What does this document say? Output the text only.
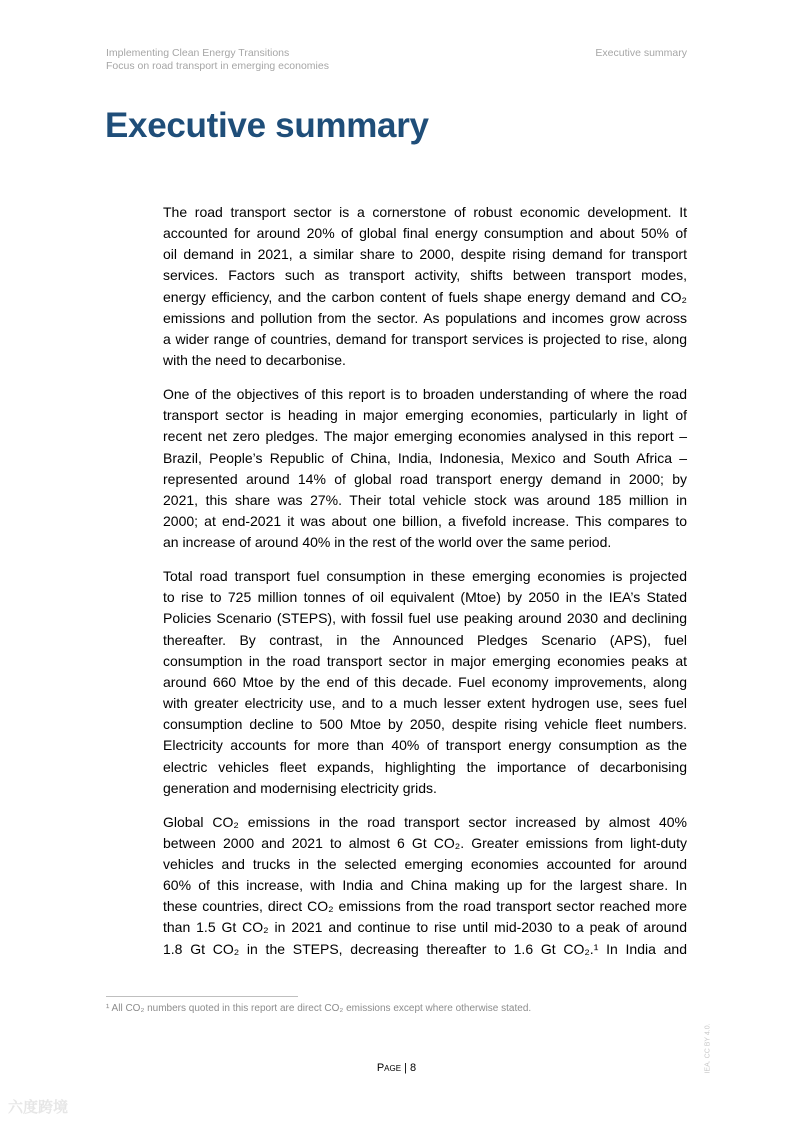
Implementing Clean Energy Transitions
Focus on road transport in emerging economies
Executive summary
Executive summary

The road transport sector is a cornerstone of robust economic development. It
accounted for around 20% of global final energy consumption and about 50% of
oil demand in 2021, a similar share to 2000, despite rising demand for transport
services. Factors such as transport activity, shifts between transport modes,
energy efficiency, and the carbon content of fuels shape energy demand and CO₂
emissions and pollution from the sector. As populations and incomes grow across
a wider range of countries, demand for transport services is projected to rise, along
with the need to decarbonise.

One of the objectives of this report is to broaden understanding of where the road
transport sector is heading in major emerging economies, particularly in light of
recent net zero pledges. The major emerging economies analysed in this report –
Brazil, People’s Republic of China, India, Indonesia, Mexico and South Africa –
represented around 14% of global road transport energy demand in 2000; by
2021, this share was 27%. Their total vehicle stock was around 185 million in
2000; at end-2021 it was about one billion, a fivefold increase. This compares to
an increase of around 40% in the rest of the world over the same period.

Total road transport fuel consumption in these emerging economies is projected
to rise to 725 million tonnes of oil equivalent (Mtoe) by 2050 in the IEA’s Stated
Policies Scenario (STEPS), with fossil fuel use peaking around 2030 and declining
thereafter. By contrast, in the Announced Pledges Scenario (APS), fuel
consumption in the road transport sector in major emerging economies peaks at
around 660 Mtoe by the end of this decade. Fuel economy improvements, along
with greater electricity use, and to a much lesser extent hydrogen use, sees fuel
consumption decline to 500 Mtoe by 2050, despite rising vehicle fleet numbers.
Electricity accounts for more than 40% of transport energy consumption as the
electric vehicles fleet expands, highlighting the importance of decarbonising
generation and modernising electricity grids.

Global CO₂ emissions in the road transport sector increased by almost 40%
between 2000 and 2021 to almost 6 Gt CO₂. Greater emissions from light-duty
vehicles and trucks in the selected emerging economies accounted for around
60% of this increase, with India and China making up for the largest share. In
these countries, direct CO₂ emissions from the road transport sector reached more
than 1.5 Gt CO₂ in 2021 and continue to rise until mid-2030 to a peak of around
1.8 Gt CO₂ in the STEPS, decreasing thereafter to 1.6 Gt CO₂.¹ In India and

¹ All CO₂ numbers quoted in this report are direct CO₂ emissions except where otherwise stated.
Page | 8	IEA. CC BY 4.0.
六度跨境
